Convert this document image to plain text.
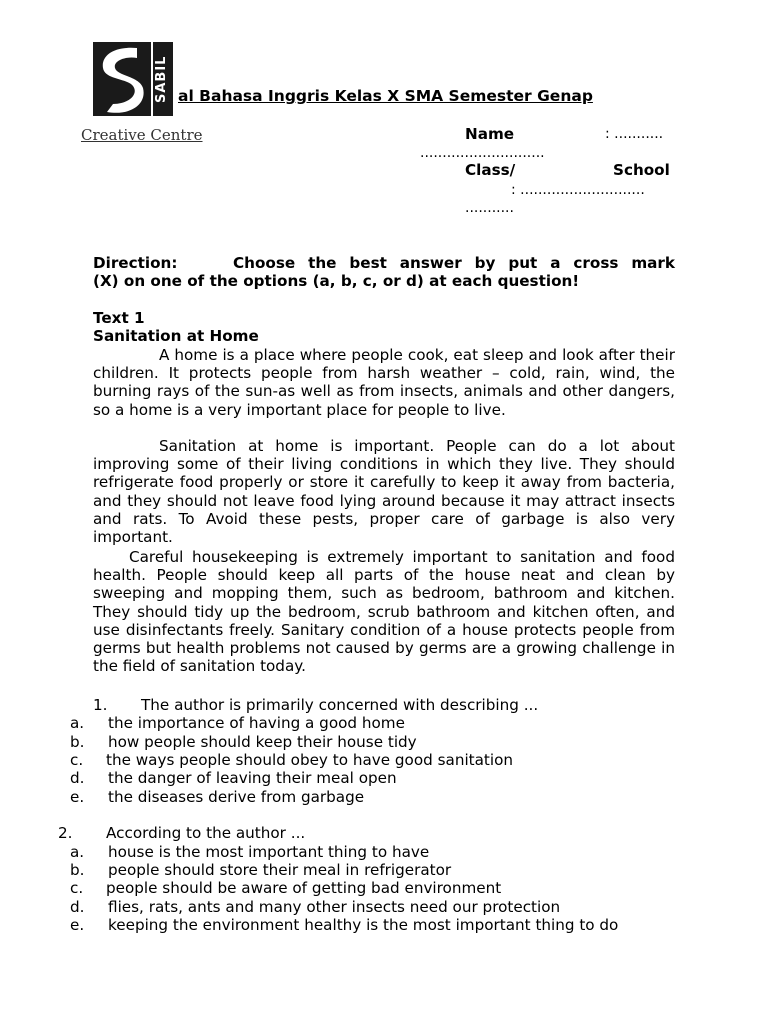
SABIL
Creative Centre
al Bahasa Inggris Kelas X SMA Semester Genap
Name	: ...........
............................
Class/	School
: ............................
...........
Direction:	Choose the best answer by put a cross mark
(X) on one of the options (a, b, c, or d) at each question!
Text 1
Sanitation at Home
A home is a place where people cook, eat sleep and look after their children. It protects people from harsh weather – cold, rain, wind, the burning rays of the sun-as well as from insects, animals and other dangers, so a home is a very important place for people to live.
Sanitation at home is important. People can do a lot about improving some of their living conditions in which they live. They should refrigerate food properly or store it carefully to keep it away from bacteria, and they should not leave food lying around because it may attract insects and rats. To Avoid these pests, proper care of garbage is also very important.
Careful housekeeping is extremely important to sanitation and food health. People should keep all parts of the house neat and clean by sweeping and mopping them, such as bedroom, bathroom and kitchen. They should tidy up the bedroom, scrub bathroom and kitchen often, and use disinfectants freely. Sanitary condition of a house protects people from germs but health problems not caused by germs are a growing challenge in the field of sanitation today.
1. The author is primarily concerned with describing ...
a. the importance of having a good home
b. how people should keep their house tidy
c. the ways people should obey to have good sanitation
d. the danger of leaving their meal open
e. the diseases derive from garbage
2. According to the author ...
a. house is the most important thing to have
b. people should store their meal in refrigerator
c. people should be aware of getting bad environment
d. flies, rats, ants and many other insects need our protection
e. keeping the environment healthy is the most important thing to do
